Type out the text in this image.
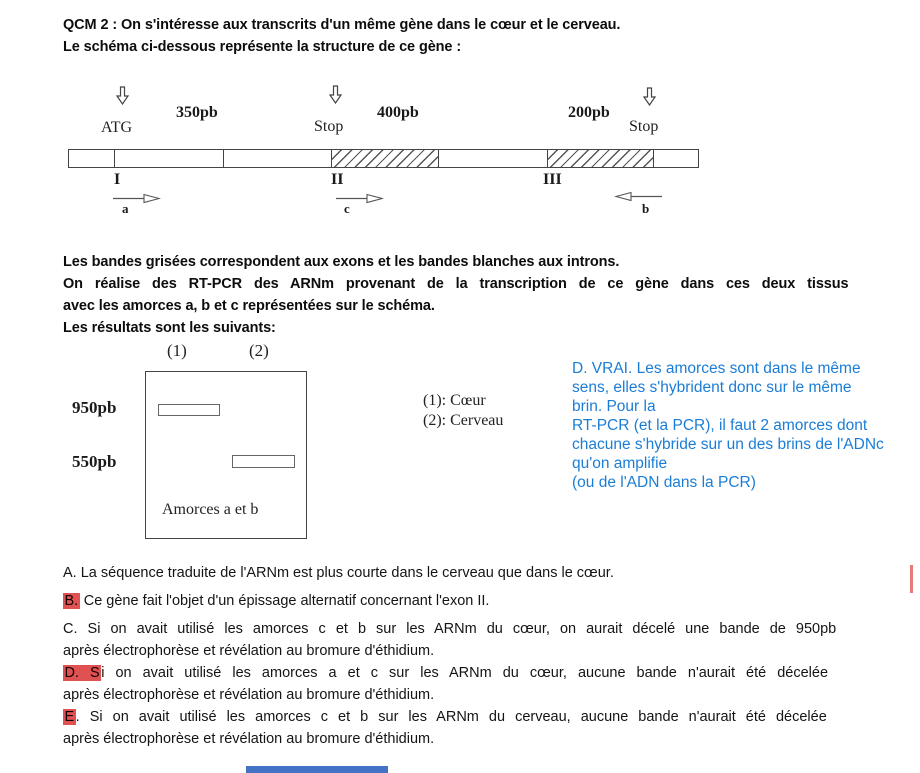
QCM 2 : On s'intéresse aux transcrits d'un même gène dans le cœur et le cerveau.
Le schéma ci-dessous représente la structure de ce gène :
ATG	Stop	Stop
350pb	400pb	200pb
I	II	III
a	c	b
Les bandes grisées correspondent aux exons et les bandes blanches aux introns.
On réalise des RT-PCR des ARNm provenant de la transcription de ce gène dans ces deux tissus
avec les amorces a, b et c représentées sur le schéma.
Les résultats sont les suivants:
(1)	(2)
950pb
550pb
Amorces a et b
(1): Cœur
(2): Cerveau
D. VRAI. Les amorces sont dans le même
sens, elles s'hybrident donc sur le même
brin. Pour la
RT-PCR (et la PCR), il faut 2 amorces dont
chacune s'hybride sur un des brins de l'ADNc
qu'on amplifie
(ou de l'ADN dans la PCR)
A. La séquence traduite de l'ARNm est plus courte dans le cerveau que dans le cœur.
B. Ce gène fait l'objet d'un épissage alternatif concernant l'exon II.
C. Si on avait utilisé les amorces c et b sur les ARNm du cœur, on aurait décelé une bande de 950pb
après électrophorèse et révélation au bromure d'éthidium.
D. S i on avait utilisé les amorces a et c sur les ARNm du cœur, aucune bande n'aurait été décelée
après électrophorèse et révélation au bromure d'éthidium.
E . Si on avait utilisé les amorces c et b sur les ARNm du cerveau, aucune bande n'aurait été décelée
après électrophorèse et révélation au bromure d'éthidium.
